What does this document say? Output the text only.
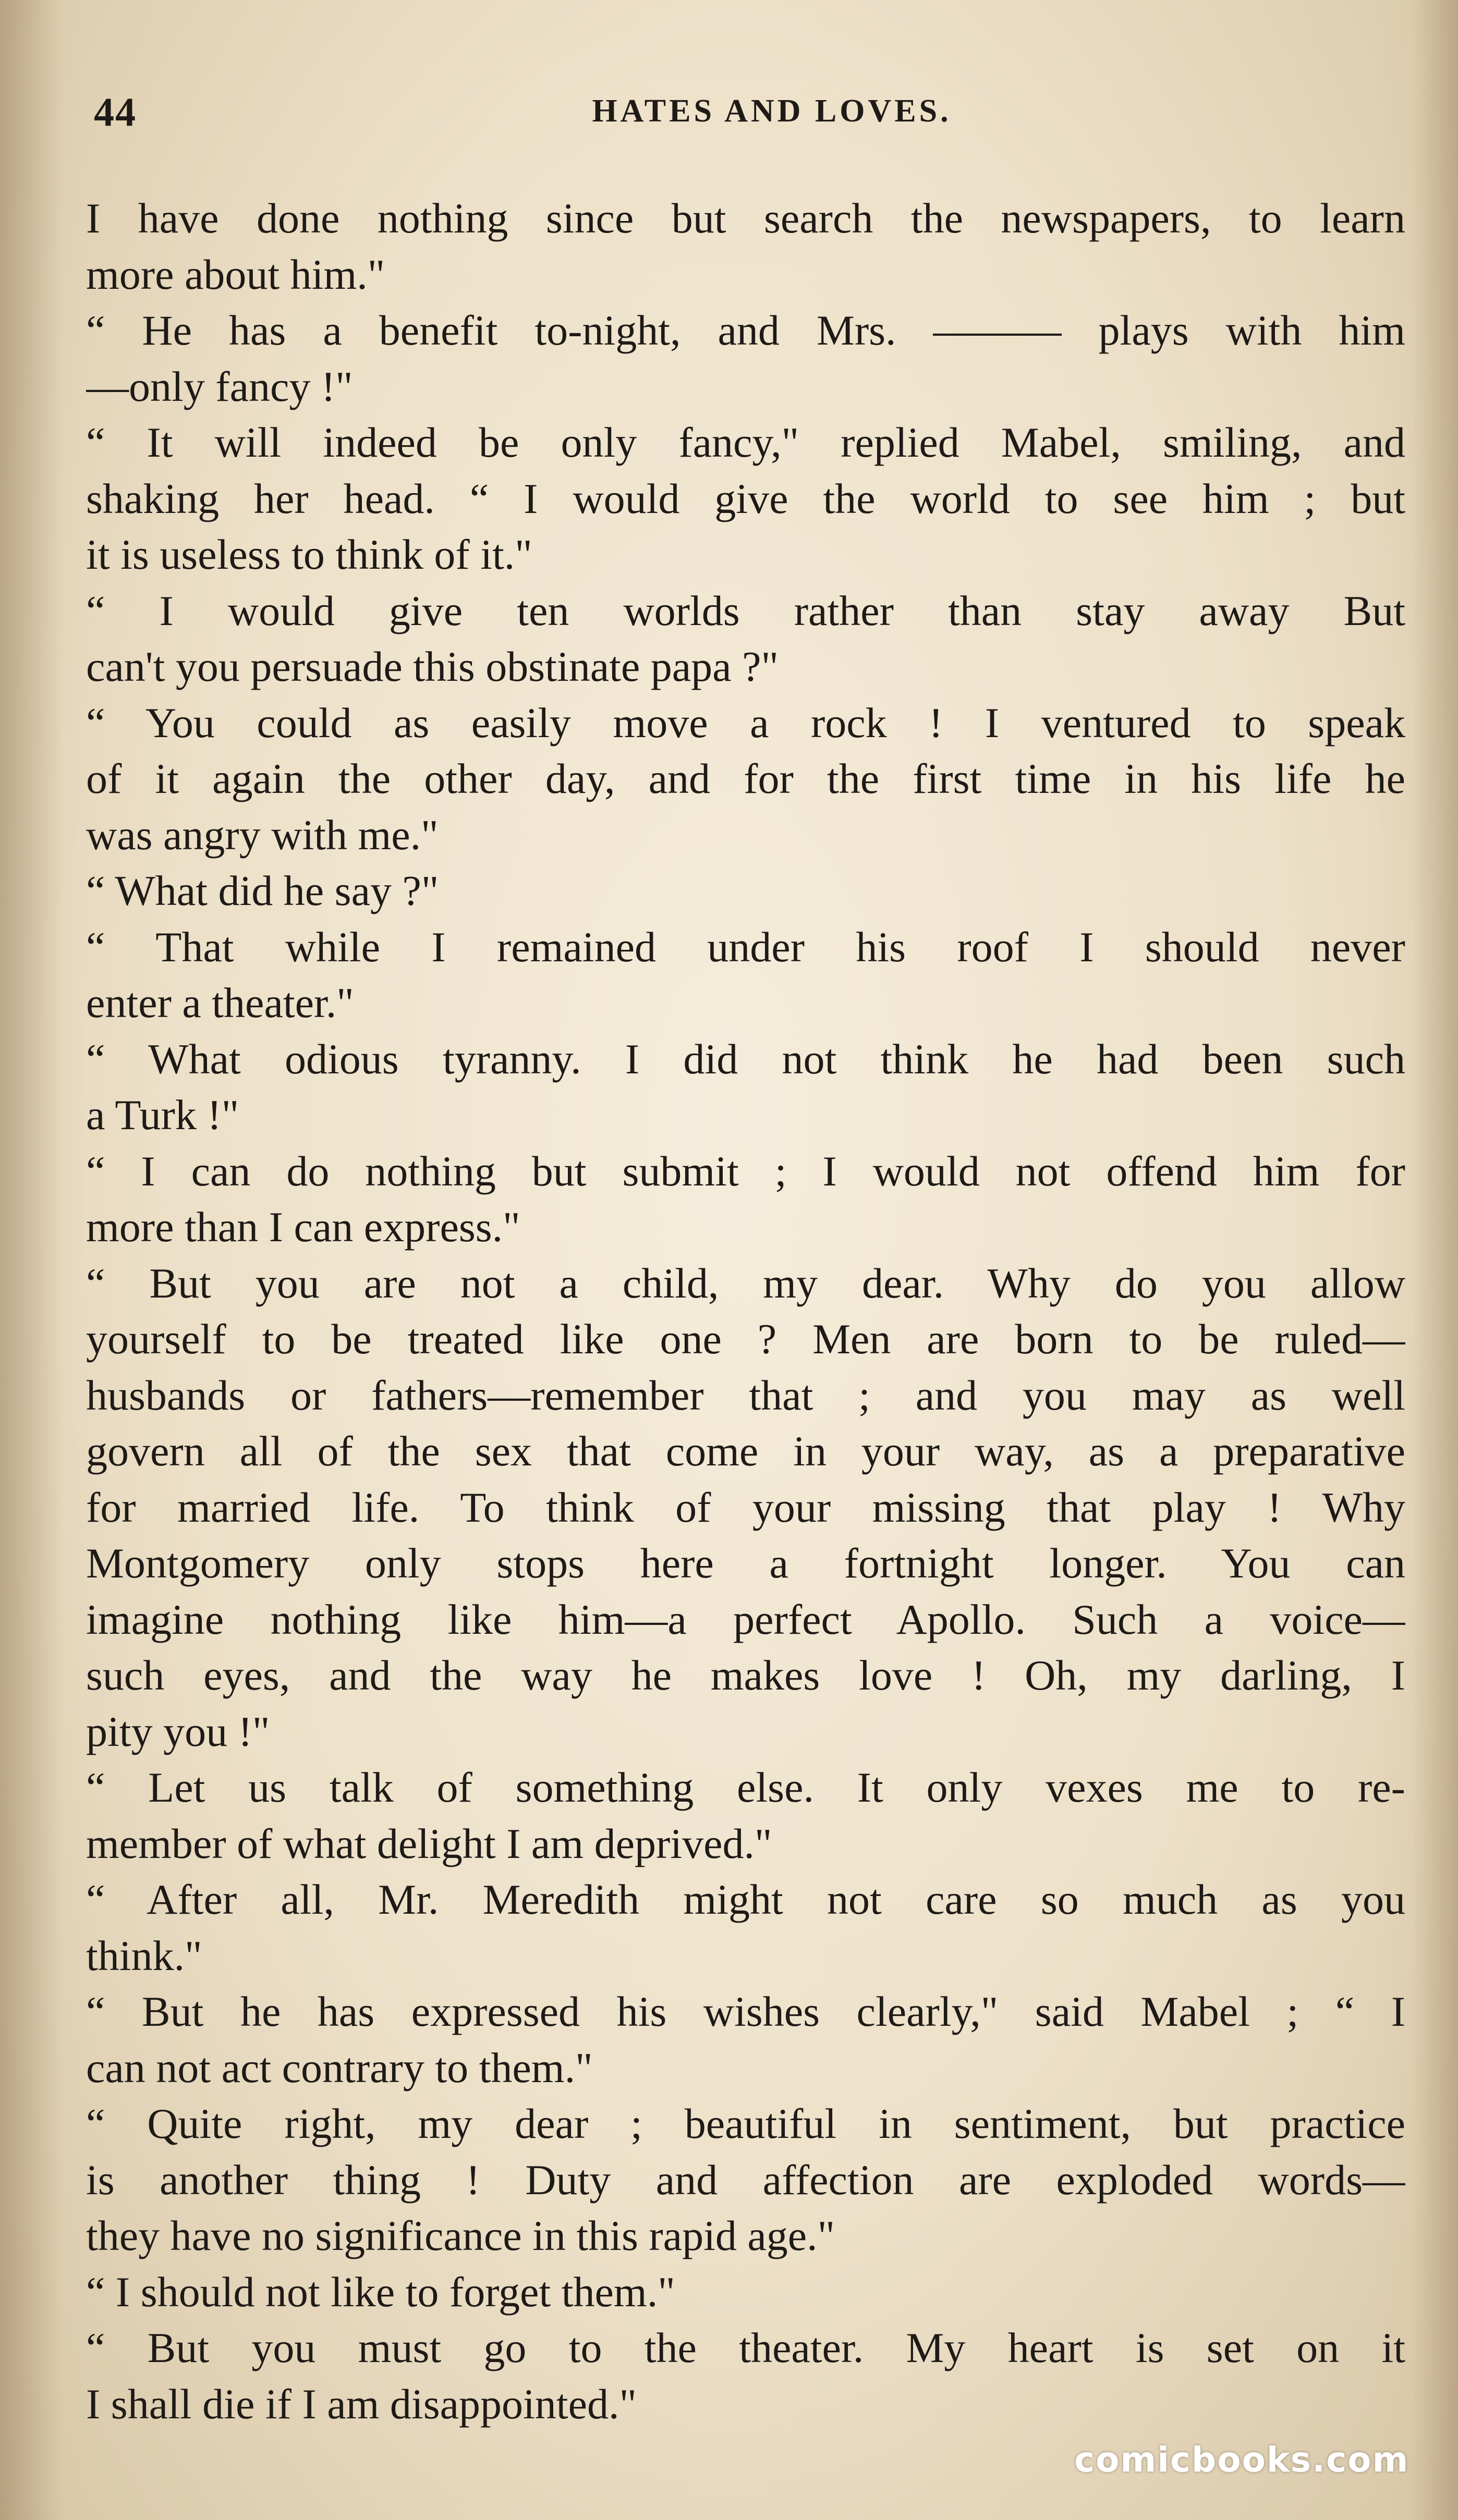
44	HATES AND LOVES.
I have done nothing since but search the newspapers, to learn
more about him."
“ He has a benefit to-night, and Mrs. ——— plays with him
—only fancy !"
“ It will indeed be only fancy," replied Mabel, smiling, and
shaking her head. “ I would give the world to see him ; but
it is useless to think of it."
“ I would give ten worlds rather than stay away But
can't you persuade this obstinate papa ?"
“ You could as easily move a rock ! I ventured to speak
of it again the other day, and for the first time in his life he
was angry with me."
“ What did he say ?"
“ That while I remained under his roof I should never
enter a theater."
“ What odious tyranny. I did not think he had been such
a Turk !"
“ I can do nothing but submit ; I would not offend him for
more than I can express."
“ But you are not a child, my dear. Why do you allow
yourself to be treated like one ? Men are born to be ruled—
husbands or fathers—remember that ; and you may as well
govern all of the sex that come in your way, as a preparative
for married life. To think of your missing that play ! Why
Montgomery only stops here a fortnight longer. You can
imagine nothing like him—a perfect Apollo. Such a voice—
such eyes, and the way he makes love ! Oh, my darling, I
pity you !"
“ Let us talk of something else. It only vexes me to re-
member of what delight I am deprived."
“ After all, Mr. Meredith might not care so much as you
think."
“ But he has expressed his wishes clearly," said Mabel ; “ I
can not act contrary to them."
“ Quite right, my dear ; beautiful in sentiment, but practice
is another thing ! Duty and affection are exploded words—
they have no significance in this rapid age."
“ I should not like to forget them."
“ But you must go to the theater. My heart is set on it
I shall die if I am disappointed."
comicbooks.com
